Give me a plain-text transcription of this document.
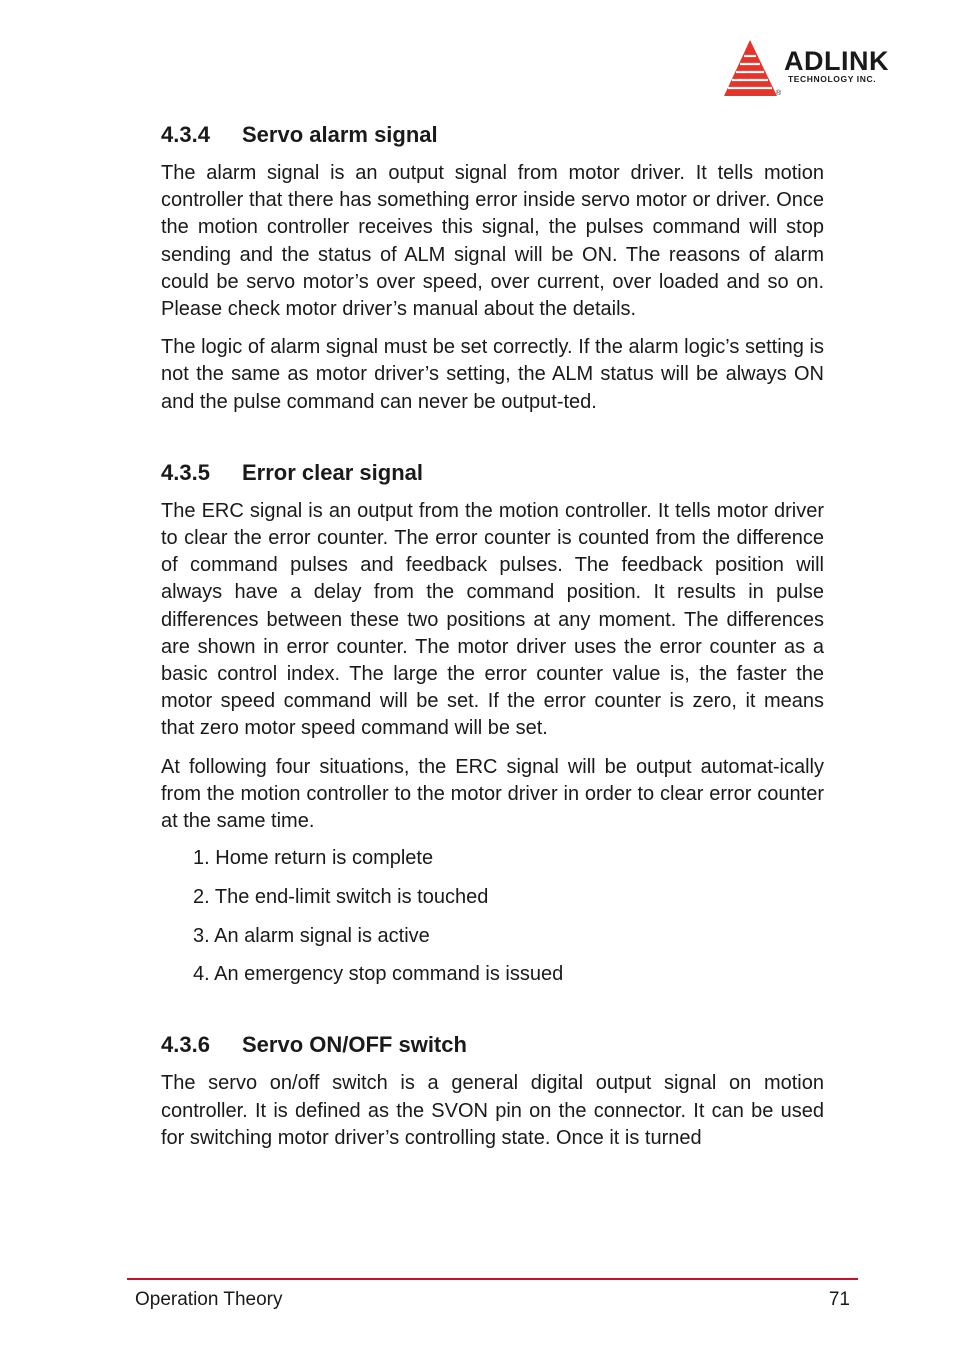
ADLINK
TECHNOLOGY INC.
®
4.3.4 Servo alarm signal

The alarm signal is an output signal from motor driver. It tells motion controller that there has something error inside servo motor or driver. Once the motion controller receives this signal, the pulses command will stop sending and the status of ALM signal will be ON. The reasons of alarm could be servo motor’s over speed, over current, over loaded and so on. Please check motor driver’s manual about the details.

The logic of alarm signal must be set correctly. If the alarm logic’s setting is not the same as motor driver’s setting, the ALM status will be always ON and the pulse command can never be output-ted.

4.3.5 Error clear signal

The ERC signal is an output from the motion controller. It tells motor driver to clear the error counter. The error counter is counted from the difference of command pulses and feedback pulses. The feedback position will always have a delay from the command position. It results in pulse differences between these two positions at any moment. The differences are shown in error counter. The motor driver uses the error counter as a basic control index. The large the error counter value is, the faster the motor speed command will be set. If the error counter is zero, it means that zero motor speed command will be set.

At following four situations, the ERC signal will be output automat-ically from the motion controller to the motor driver in order to clear error counter at the same time.

1. Home return is complete
2. The end-limit switch is touched
3. An alarm signal is active
4. An emergency stop command is issued
4.3.6 Servo ON/OFF switch

The servo on/off switch is a general digital output signal on motion controller. It is defined as the SVON pin on the connector. It can be used for switching motor driver’s controlling state. Once it is turned

Operation Theory	71
